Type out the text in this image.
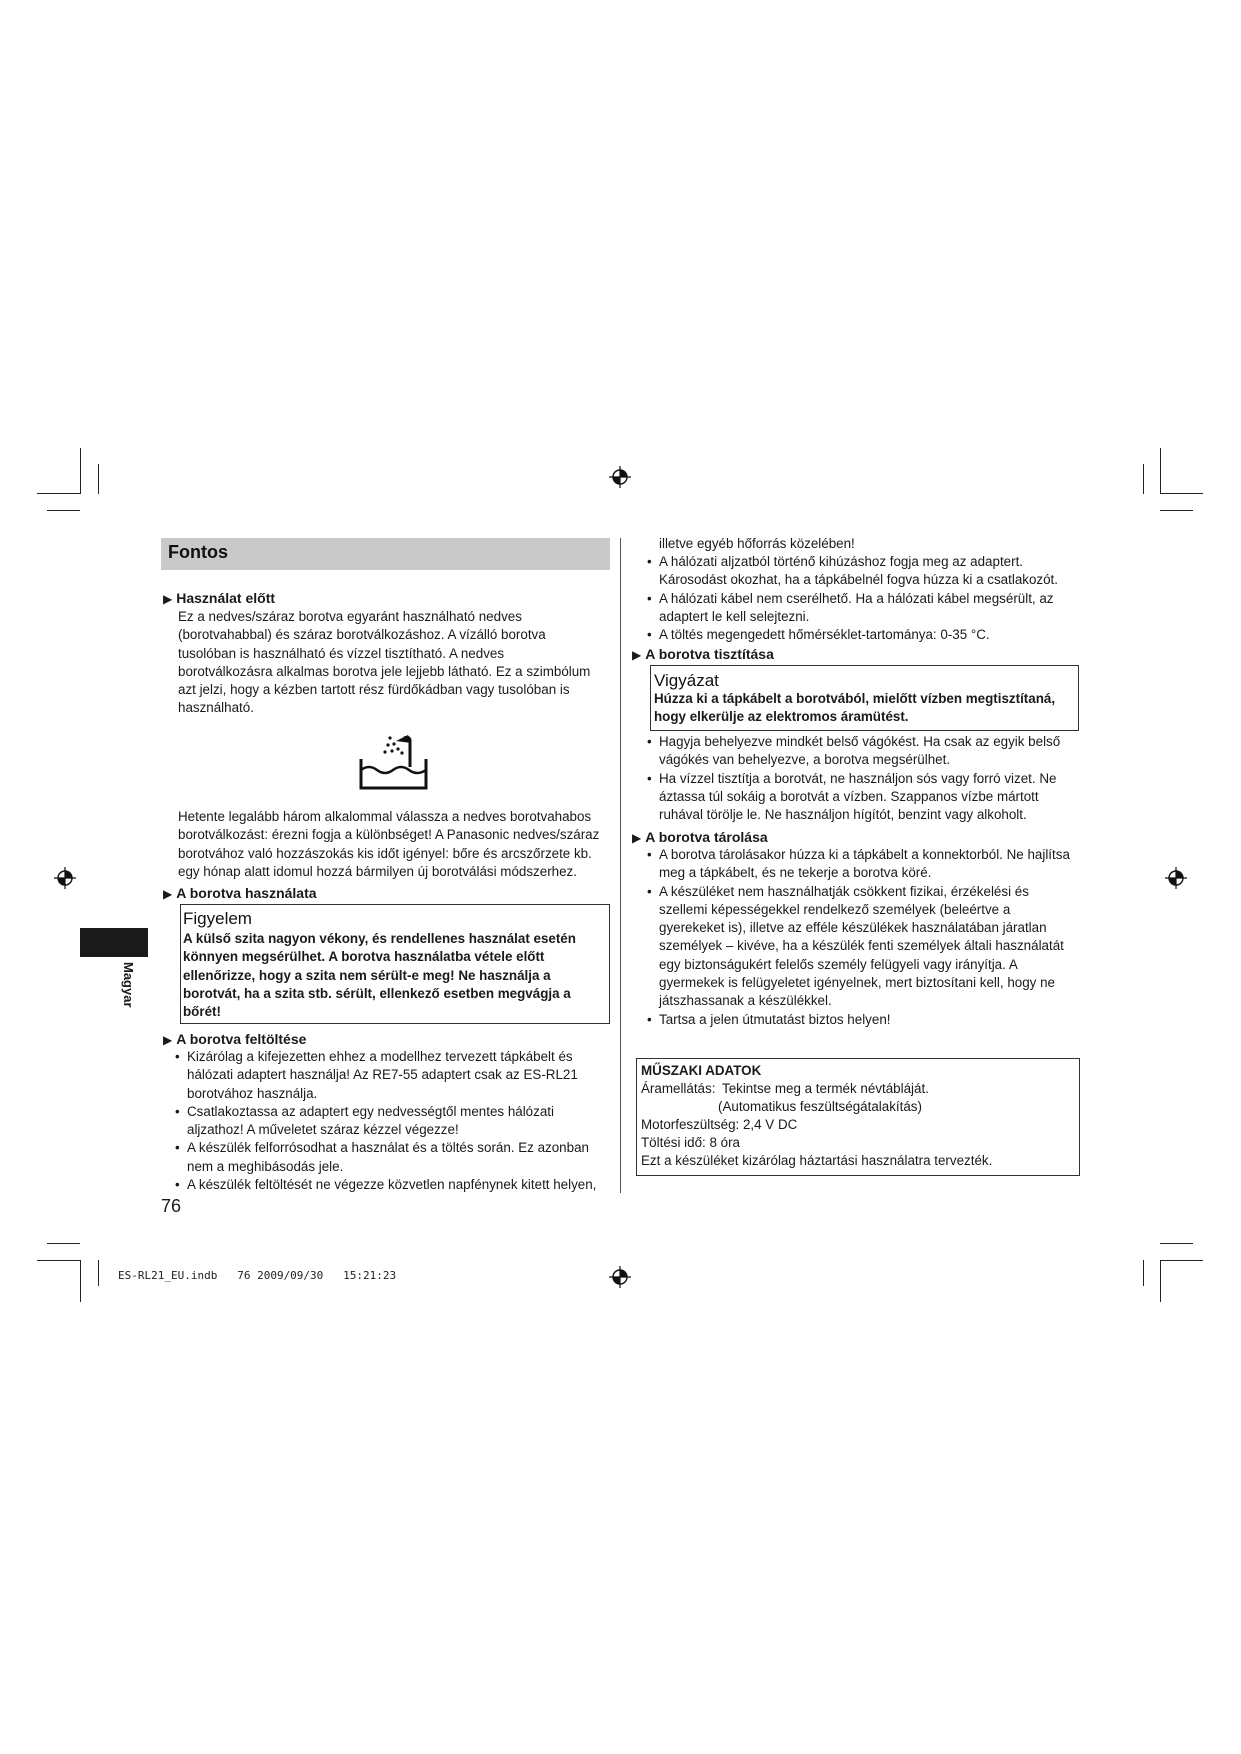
Fontos
▶ Használat előtt

Ez a nedves/száraz borotva egyaránt használható nedves

(borotvahabbal) és száraz borotválkozáshoz. A vízálló borotva

tusolóban is használható és vízzel tisztítható. A nedves

borotválkozásra alkalmas borotva jele lejjebb látható. Ez a szimbólum

azt jelzi, hogy a kézben tartott rész fürdőkádban vagy tusolóban is

használható.

Hetente legalább három alkalommal válassza a nedves borotvahabos

borotválkozást: érezni fogja a különbséget! A Panasonic nedves/száraz

borotvához való hozzászokás kis időt igényel: bőre és arcszőrzete kb.

egy hónap alatt idomul hozzá bármilyen új borotválási módszerhez.

▶ A borotva használata
Figyelem

A külső szita nagyon vékony, és rendellenes használat esetén

könnyen megsérülhet. A borotva használatba vétele előtt

ellenőrizze, hogy a szita nem sérült-e meg! Ne használja a

borotvát, ha a szita stb. sérült, ellenkező esetben megvágja a

bőrét!

▶ A borotva feltöltése
• Kizárólag a kifejezetten ehhez a modellhez tervezett tápkábelt és
hálózati adaptert használja! Az RE7-55 adaptert csak az ES-RL21
borotvához használja.
• Csatlakoztassa az adaptert egy nedvességtől mentes hálózati
aljzathoz! A műveletet száraz kézzel végezze!
• A készülék felforrósodhat a használat és a töltés során. Ez azonban
nem a meghibásodás jele.
• A készülék feltöltését ne végezze közvetlen napfénynek kitett helyen,
76
Magyar

illetve egyéb hőforrás közelében!

• A hálózati aljzatból történő kihúzáshoz fogja meg az adaptert.
Károsodást okozhat, ha a tápkábelnél fogva húzza ki a csatlakozót.
• A hálózati kábel nem cserélhető. Ha a hálózati kábel megsérült, az
adaptert le kell selejtezni.
• A töltés megengedett hőmérséklet-tartománya: 0-35 °C.
▶ A borotva tisztítása
Vigyázat

Húzza ki a tápkábelt a borotvából, mielőtt vízben megtisztítaná,

hogy elkerülje az elektromos áramütést.

• Hagyja behelyezve mindkét belső vágókést. Ha csak az egyik belső
vágókés van behelyezve, a borotva megsérülhet.
• Ha vízzel tisztítja a borotvát, ne használjon sós vagy forró vizet. Ne
áztassa túl sokáig a borotvát a vízben. Szappanos vízbe mártott
ruhával törölje le. Ne használjon hígítót, benzint vagy alkoholt.
▶ A borotva tárolása
• A borotva tárolásakor húzza ki a tápkábelt a konnektorból. Ne hajlítsa
meg a tápkábelt, és ne tekerje a borotva köré.
• A készüléket nem használhatják csökkent fizikai, érzékelési és
szellemi képességekkel rendelkező személyek (beleértve a
gyerekeket is), illetve az efféle készülékek használatában járatlan
személyek – kivéve, ha a készülék fenti személyek általi használatát
egy biztonságukért felelős személy felügyeli vagy irányítja. A
gyermekek is felügyeletet igényelnek, mert biztosítani kell, hogy ne
játszhassanak a készülékkel.
• Tartsa a jelen útmutatást biztos helyen!
MŰSZAKI ADATOK
Áramellátás: Tekintse meg a termék névtábláját.
(Automatikus feszültségátalakítás)
Motorfeszültség: 2,4 V DC
Töltési idő: 8 óra
Ezt a készüléket kizárólag háztartási használatra tervezték.
ES-RL21_EU.indb   76 2009/09/30   15:21:23
